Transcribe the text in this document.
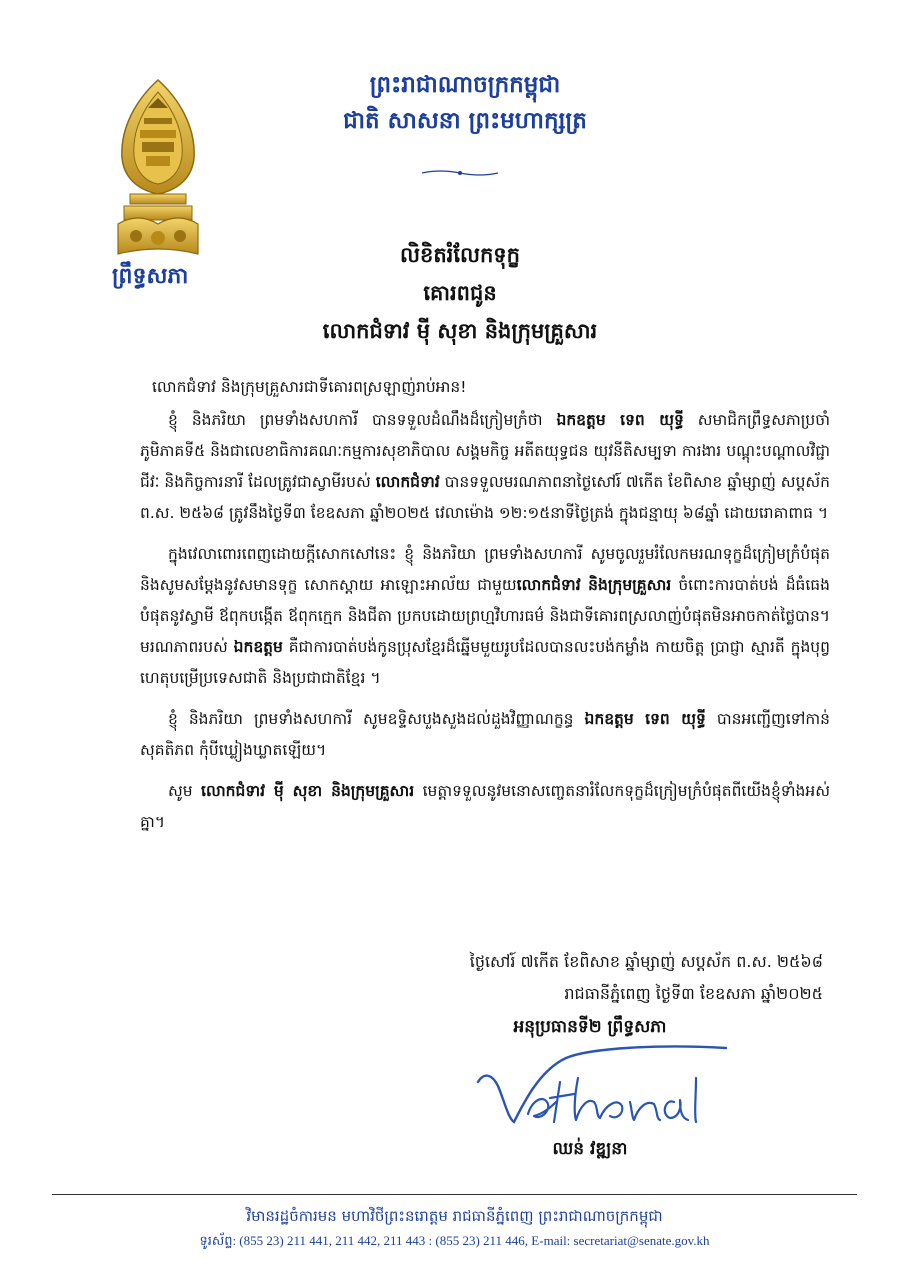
ព្រឹទ្ធសភា
ព្រះរាជាណាចក្រកម្ពុជា
ជាតិ សាសនា ព្រះមហាក្សត្រ
លិខិតរំលែកទុក្ខ
គោរពជូន
លោកជំទាវ ម៉ី សុខា និងក្រុមគ្រួសារ

លោកជំទាវ និងក្រុមគ្រួសារជាទីគោរពស្រឡាញ់រាប់អាន!

ខ្ញុំ និងភរិយា ព្រមទាំងសហការី បានទទួលដំណឹងដ៏ក្រៀមក្រំថា ឯកឧត្តម ទេព យុទ្ធី សមាជិកព្រឹទ្ធសភាប្រចាំភូមិភាគទី៥ និងជាលេខាធិការគណៈកម្មការសុខាភិបាល សង្គមកិច្ច អតីតយុទ្ធជន យុវនីតិសម្បទា ការងារ បណ្តុះបណ្តាលវិជ្ជាជីវៈ និងកិច្ចការនារី ដែលត្រូវជាស្វាមីរបស់ លោកជំទាវ បានទទួលមរណភាពនាថ្ងៃសៅរ៍ ៧កើត ខែពិសាខ ឆ្នាំម្សាញ់ សប្តស័ក ព.ស. ២៥៦៨ ត្រូវនឹងថ្ងៃទី៣ ខែឧសភា ឆ្នាំ២០២៥ វេលាម៉ោង ១២:១៥នាទីថ្ងៃត្រង់ ក្នុងជន្មាយុ ៦៨ឆ្នាំ ដោយរោគាពាធ ។

ក្នុងវេលាពោរពេញដោយក្តីសោកសៅនេះ ខ្ញុំ និងភរិយា ព្រមទាំងសហការី សូមចូលរួមរំលែកមរណទុក្ខដ៏ក្រៀមក្រំបំផុត និងសូមសម្តែងនូវសមានទុក្ខ សោកស្តាយ អាឡោះអាល័យ ជាមួយលោកជំទាវ និងក្រុមគ្រួសារ ចំពោះការបាត់បង់ ដ៏ធំធេងបំផុតនូវស្វាមី ឪពុកបង្កើត ឪពុកក្មេក និងជីតា ប្រកបដោយព្រហ្មវិហារធម៌ និងជាទីគោរពស្រលាញ់បំផុតមិនអាចកាត់ថ្លៃបាន។ មរណភាពរបស់ ឯកឧត្តម គឺជាការបាត់បង់កូនប្រុសខ្មែរដ៏ឆ្នើមមួយរូបដែលបានលះបង់កម្លាំង កាយចិត្ត ប្រាជ្ញា ស្មារតី ក្នុងបុព្វហេតុបម្រើប្រទេសជាតិ និងប្រជាជាតិខ្មែរ ។

ខ្ញុំ និងភរិយា ព្រមទាំងសហការី សូមឧទ្ទិសបួងសួងដល់ដួងវិញ្ញាណក្ខន្ធ ឯកឧត្តម ទេព យុទ្ធី បានអញ្ជើញទៅកាន់សុគតិភព កុំបីឃ្លៀងឃ្លាតឡើយ។

សូម លោកជំទាវ ម៉ី សុខា និងក្រុមគ្រួសារ មេត្តាទទួលនូវមនោសញ្ចេតនារំលែកទុក្ខដ៏ក្រៀមក្រំបំផុតពីយើងខ្ញុំទាំងអស់គ្នា។

ថ្ងៃសៅរ៍ ៧កើត ខែពិសាខ ឆ្នាំម្សាញ់ សប្តស័ក ព.ស. ២៥៦៨
រាជធានីភ្នំពេញ ថ្ងៃទី៣ ខែឧសភា ឆ្នាំ២០២៥
អនុប្រធានទី២ ព្រឹទ្ធសភា
ឈន់ វឌ្ឍនា
វិមានរដ្ឋចំការមន មហាវិថីព្រះនរោត្តម រាជធានីភ្នំពេញ ព្រះរាជាណាចក្រកម្ពុជា
ទូរស័ព្ទ: (855 23) 211 441, 211 442, 211 443 : (855 23) 211 446, E-mail: secretariat@senate.gov.kh
